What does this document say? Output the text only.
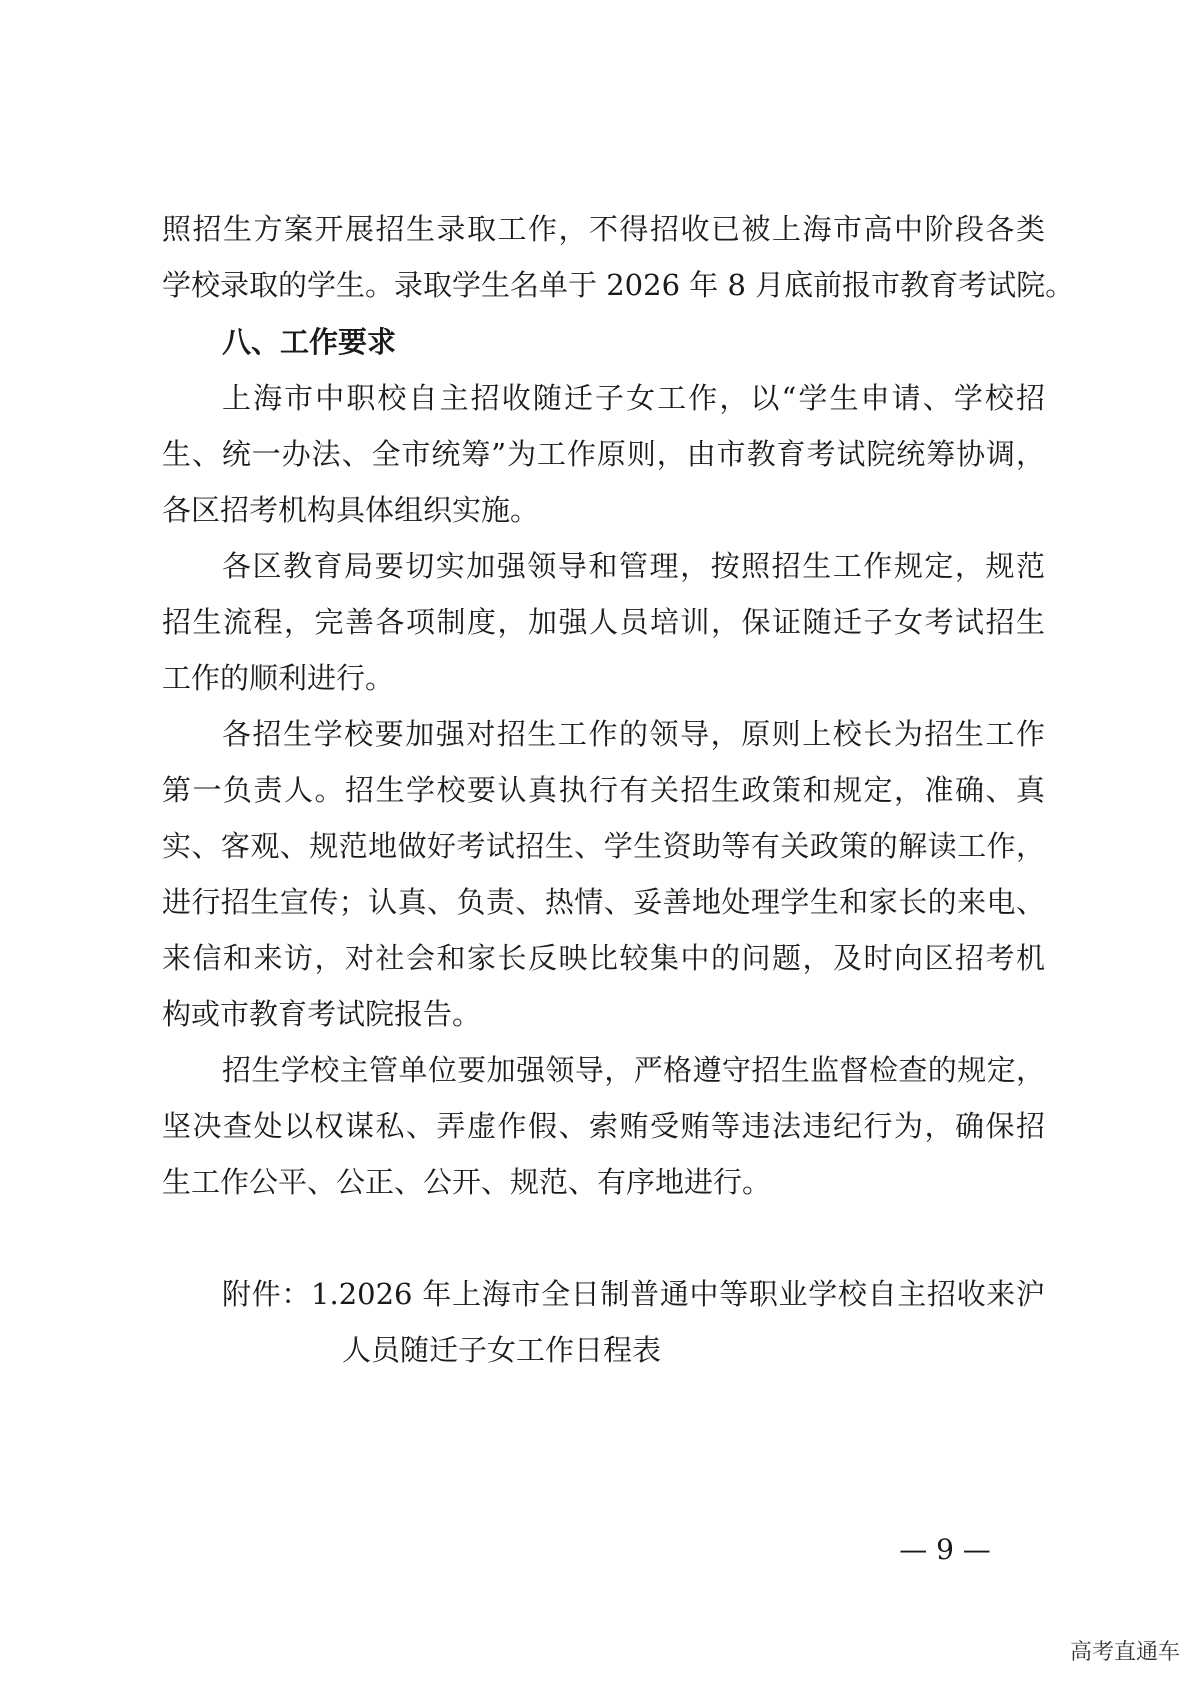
照招生方案开展招生录取工作，不得招收已被上海市高中阶段各类
学校录取的学生。录取学生名单于 2026 年 8 月底前报市教育考试院。
八、工作要求
上海市中职校自主招收随迁子女工作，以“学生申请、学校招
生、统一办法、全市统筹”为工作原则，由市教育考试院统筹协调，
各区招考机构具体组织实施。
各区教育局要切实加强领导和管理，按照招生工作规定，规范
招生流程，完善各项制度，加强人员培训，保证随迁子女考试招生
工作的顺利进行。
各招生学校要加强对招生工作的领导，原则上校长为招生工作
第一负责人。招生学校要认真执行有关招生政策和规定，准确、真
实、客观、规范地做好考试招生、学生资助等有关政策的解读工作，
进行招生宣传；认真、负责、热情、妥善地处理学生和家长的来电、
来信和来访，对社会和家长反映比较集中的问题，及时向区招考机
构或市教育考试院报告。
招生学校主管单位要加强领导，严格遵守招生监督检查的规定，
坚决查处以权谋私、弄虚作假、索贿受贿等违法违纪行为，确保招
生工作公平、公正、公开、规范、有序地进行。
附件：1.2026 年上海市全日制普通中等职业学校自主招收来沪
人员随迁子女工作日程表
— 9 —
高考直通车
